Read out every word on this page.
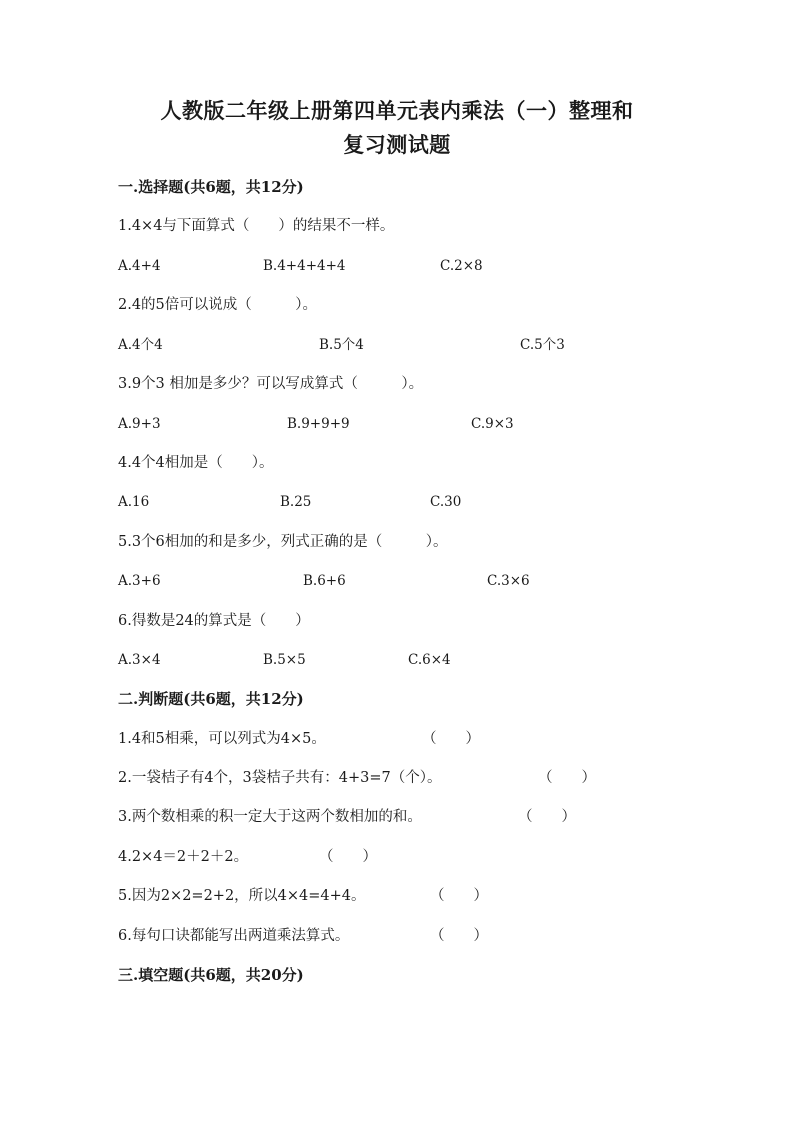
人教版二年级上册第四单元表内乘法（一）整理和
复习测试题
一.选择题(共6题，共12分)
1.4×4与下面算式（　　）的结果不一样。
A.4+4	B.4+4+4+4	C.2×8
2.4的5倍可以说成（　　　）。
A.4个4	B.5个4	C.5个3
3.9个3 相加是多少？可以写成算式（　　　）。
A.9+3	B.9+9+9	C.9×3
4.4个4相加是（　　）。
A.16	B.25	C.30
5.3个6相加的和是多少，列式正确的是（　　　）。
A.3+6	B.6+6	C.3×6
6.得数是24的算式是（　　）
A.3×4	B.5×5	C.6×4
二.判断题(共6题，共12分)
1.4和5相乘，可以列式为4×5。	（　　）
2.一袋桔子有4个，3袋桔子共有：4+3=7（个）。	（　　）
3.两个数相乘的积一定大于这两个数相加的和。	（　　）
4.2×4＝2＋2＋2。	（　　）
5.因为2×2=2+2，所以4×4=4+4。	（　　）
6.每句口诀都能写出两道乘法算式。	（　　）
三.填空题(共6题，共20分)
